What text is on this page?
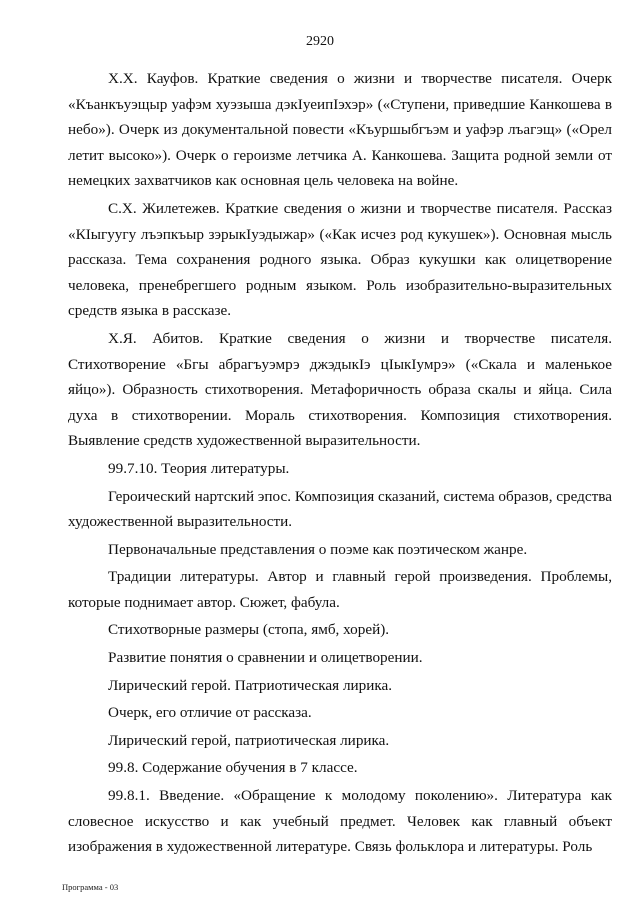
2920

Х.Х. Кауфов. Краткие сведения о жизни и творчестве писателя. Очерк «Къанкъуэщыр уафэм хуэзыша дэкIуеипIэхэр» («Ступени, приведшие Канкошева в небо»). Очерк из документальной повести «Къуршыбгъэм и уафэр лъагэщ» («Орел летит высоко»). Очерк о героизме летчика А. Канкошева. Защита родной земли от немецких захватчиков как основная цель человека на войне.

С.Х. Жилетежев. Краткие сведения о жизни и творчестве писателя. Рассказ «КIыгуугу лъэпкъыр зэрыкIуэдыжар» («Как исчез род кукушек»). Основная мысль рассказа. Тема сохранения родного языка. Образ кукушки как олицетворение человека, пренебрегшего родным языком. Роль изобразительно-выразительных средств языка в рассказе.

Х.Я. Абитов. Краткие сведения о жизни и творчестве писателя. Стихотворение «Бгы абрагъуэмрэ джэдыкIэ цIыкIумрэ» («Скала и маленькое яйцо»). Образность стихотворения. Метафоричность образа скалы и яйца. Сила духа в стихотворении. Мораль стихотворения. Композиция стихотворения. Выявление средств художественной выразительности.

99.7.10. Теория литературы.

Героический нартский эпос. Композиция сказаний, система образов, средства художественной выразительности.

Первоначальные представления о поэме как поэтическом жанре.

Традиции литературы. Автор и главный герой произведения. Проблемы, которые поднимает автор. Сюжет, фабула.

Стихотворные размеры (стопа, ямб, хорей).

Развитие понятия о сравнении и олицетворении.

Лирический герой. Патриотическая лирика.

Очерк, его отличие от рассказа.

Лирический герой, патриотическая лирика.

99.8. Содержание обучения в 7 классе.

99.8.1. Введение. «Обращение к молодому поколению». Литература как словесное искусство и как учебный предмет. Человек как главный объект изображения в художественной литературе. Связь фольклора и литературы. Роль

Программа - 03
